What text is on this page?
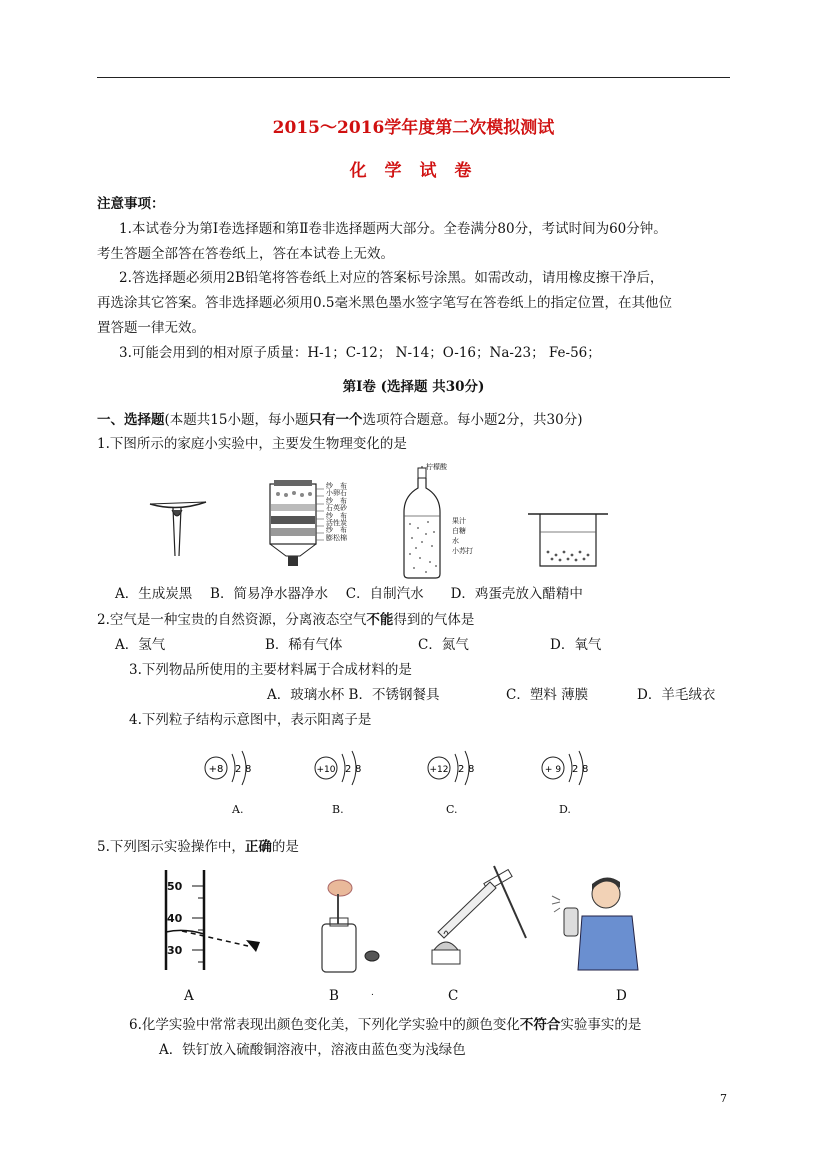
2015～2016学年度第二次模拟测试
化 学 试 卷
注意事项：
1.本试卷分为第Ⅰ卷选择题和第Ⅱ卷非选择题两大部分。全卷满分80分，考试时间为60分钟。
考生答题全部答在答卷纸上，答在本试卷上无效。
2.答选择题必须用2B铅笔将答卷纸上对应的答案标号涂黑。如需改动，请用橡皮擦干净后，
再选涂其它答案。答非选择题必须用0.5毫米黑色墨水签字笔写在答卷纸上的指定位置，在其他位
置答题一律无效。
3.可能会用到的相对原子质量：H-1；C-12； N-14；O-16；Na-23； Fe-56；
第Ⅰ卷 (选择题 共30分)
一、选择题(本题共15小题，每小题只有一个选项符合题意。每小题2分，共30分)
1.下图所示的家庭小实验中，主要发生物理变化的是
纱　布
小卵石
纱　布
石英砂
纱　布
活性炭
纱　布
膨松棉
柠檬酸
果汁
白糖
水
小苏打
A．生成炭黑　 B．简易净水器净水　 C．自制汽水　　D．鸡蛋壳放入醋精中
2.空气是一种宝贵的自然资源，分离液态空气不能得到的气体是
A．氢气	B．稀有气体	C．氮气	D．氧气
3.下列物品所使用的主要材料属于合成材料的是
A．玻璃水杯 B．不锈钢餐具	C．塑料 薄膜	D．羊毛绒衣
4.下列粒子结构示意图中，表示阳离子是
+8 2 8	+10 2 8	+12 2 8	+ 9 2 8
A.	B.	C.	D.
5.下列图示实验操作中，正确的是
50
40
30
A	B	.	C	D
6.化学实验中常常表现出颜色变化美，下列化学实验中的颜色变化不符合实验事实的是
A．铁钉放入硫酸铜溶液中，溶液由蓝色变为浅绿色
7
